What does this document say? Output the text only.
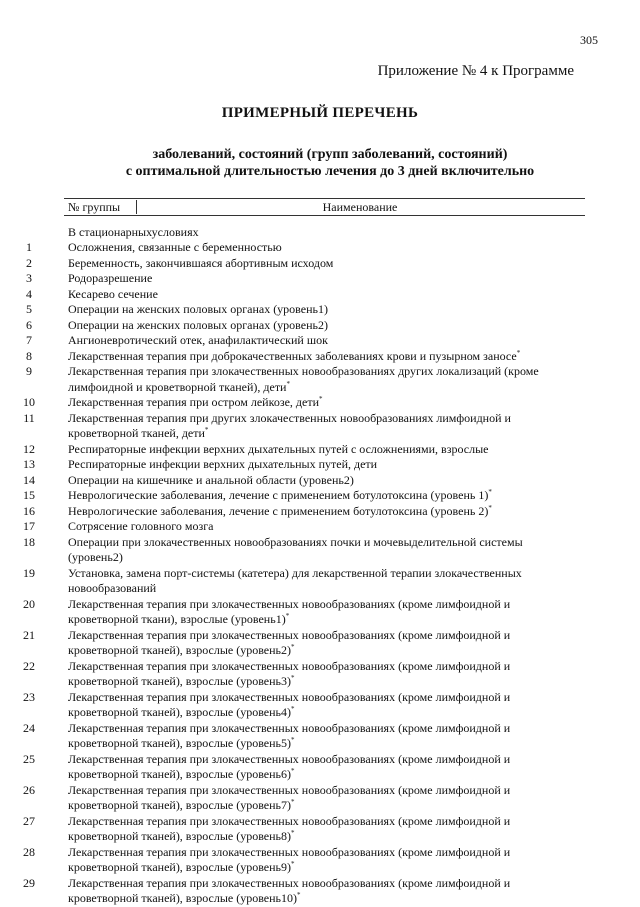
305
Приложение № 4 к Программе
ПРИМЕРНЫЙ ПЕРЕЧЕНЬ
заболеваний, состояний (групп заболеваний, состояний)
с оптимальной длительностью лечения до 3 дней включительно
№ группы	Наименование
В стационарныхусловиях
1	Осложнения, связанные с беременностью
2	Беременность, закончившаяся абортивным исходом
3	Родоразрешение
4	Кесарево сечение
5	Операции на женских половых органах (уровень1)
6	Операции на женских половых органах (уровень2)
7	Ангионевротический отек, анафилактический шок
8	Лекарственная терапия при доброкачественных заболеваниях крови и пузырном заносе*
9	Лекарственная терапия при злокачественных новообразованиях других локализаций (кроме лимфоидной и кроветворной тканей), дети*
10	Лекарственная терапия при остром лейкозе, дети*
11	Лекарственная терапия при других злокачественных новообразованиях лимфоидной и кроветворной тканей, дети*
12	Респираторные инфекции верхних дыхательных путей с осложнениями, взрослые
13	Респираторные инфекции верхних дыхательных путей, дети
14	Операции на кишечнике и анальной области (уровень2)
15	Неврологические заболевания, лечение с применением ботулотоксина (уровень 1)*
16	Неврологические заболевания, лечение с применением ботулотоксина (уровень 2)*
17	Сотрясение головного мозга
18	Операции при злокачественных новообразованиях почки и мочевыделительной системы (уровень2)
19	Установка, замена порт-системы (катетера) для лекарственной терапии злокачественных новообразований
20	Лекарственная терапия при злокачественных новообразованиях (кроме лимфоидной и кроветворной ткани), взрослые (уровень1)*
21	Лекарственная терапия при злокачественных новообразованиях (кроме лимфоидной и кроветворной тканей), взрослые (уровень2)*
22	Лекарственная терапия при злокачественных новообразованиях (кроме лимфоидной и кроветворной тканей), взрослые (уровень3)*
23	Лекарственная терапия при злокачественных новообразованиях (кроме лимфоидной и кроветворной тканей), взрослые (уровень4)*
24	Лекарственная терапия при злокачественных новообразованиях (кроме лимфоидной и кроветворной тканей), взрослые (уровень5)*
25	Лекарственная терапия при злокачественных новообразованиях (кроме лимфоидной и кроветворной тканей), взрослые (уровень6)*
26	Лекарственная терапия при злокачественных новообразованиях (кроме лимфоидной и кроветворной тканей), взрослые (уровень7)*
27	Лекарственная терапия при злокачественных новообразованиях (кроме лимфоидной и кроветворной тканей), взрослые (уровень8)*
28	Лекарственная терапия при злокачественных новообразованиях (кроме лимфоидной и кроветворной тканей), взрослые (уровень9)*
29	Лекарственная терапия при злокачественных новообразованиях (кроме лимфоидной и кроветворной тканей), взрослые (уровень10)*
